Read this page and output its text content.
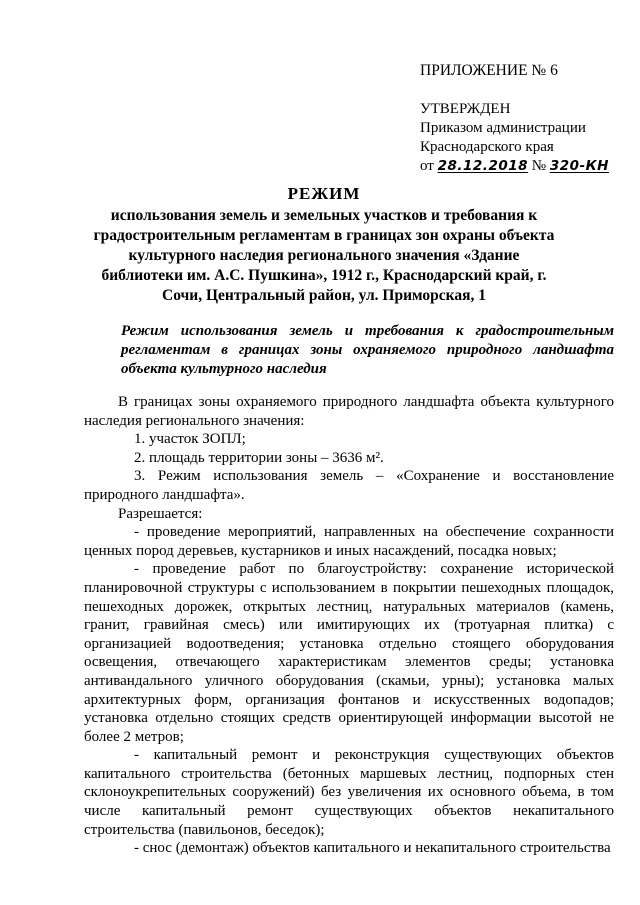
ПРИЛОЖЕНИЕ № 6
УТВЕРЖДЕН
Приказом администрации
Краснодарского края
от 28.12.2018 № 320-КН
РЕЖИМ
использования земель и земельных участков и требования к градостроительным регламентам в границах зон охраны объекта культурного наследия регионального значения «Здание библиотеки им. А.С. Пушкина», 1912 г., Краснодарский край, г. Сочи, Центральный район, ул. Приморская, 1
Режим использования земель и требования к градостроительным
регламентам в границах зоны охраняемого природного ландшафта
объекта культурного наследия

В границах зоны охраняемого природного ландшафта объекта культурного наследия регионального значения:

1. участок ЗОПЛ;

2. площадь территории зоны – 3636 м².

3. Режим использования земель – «Сохранение и восстановление природного ландшафта».

Разрешается:

- проведение мероприятий, направленных на обеспечение сохранности ценных пород деревьев, кустарников и иных насаждений, посадка новых;

- проведение работ по благоустройству: сохранение исторической планировочной структуры с использованием в покрытии пешеходных площадок, пешеходных дорожек, открытых лестниц, натуральных материалов (камень, гранит, гравийная смесь) или имитирующих их (тротуарная плитка) с организацией водоотведения; установка отдельно стоящего оборудования освещения, отвечающего характеристикам элементов среды; установка антивандального уличного оборудования (скамьи, урны); установка малых архитектурных форм, организация фонтанов и искусственных водопадов; установка отдельно стоящих средств ориентирующей информации высотой не более 2 метров;

- капитальный ремонт и реконструкция существующих объектов капитального строительства (бетонных маршевых лестниц, подпорных стен склоноукрепительных сооружений) без увеличения их основного объема, в том числе капитальный ремонт существующих объектов некапитального строительства (павильонов, беседок);

- снос (демонтаж) объектов капитального и некапитального строительства
